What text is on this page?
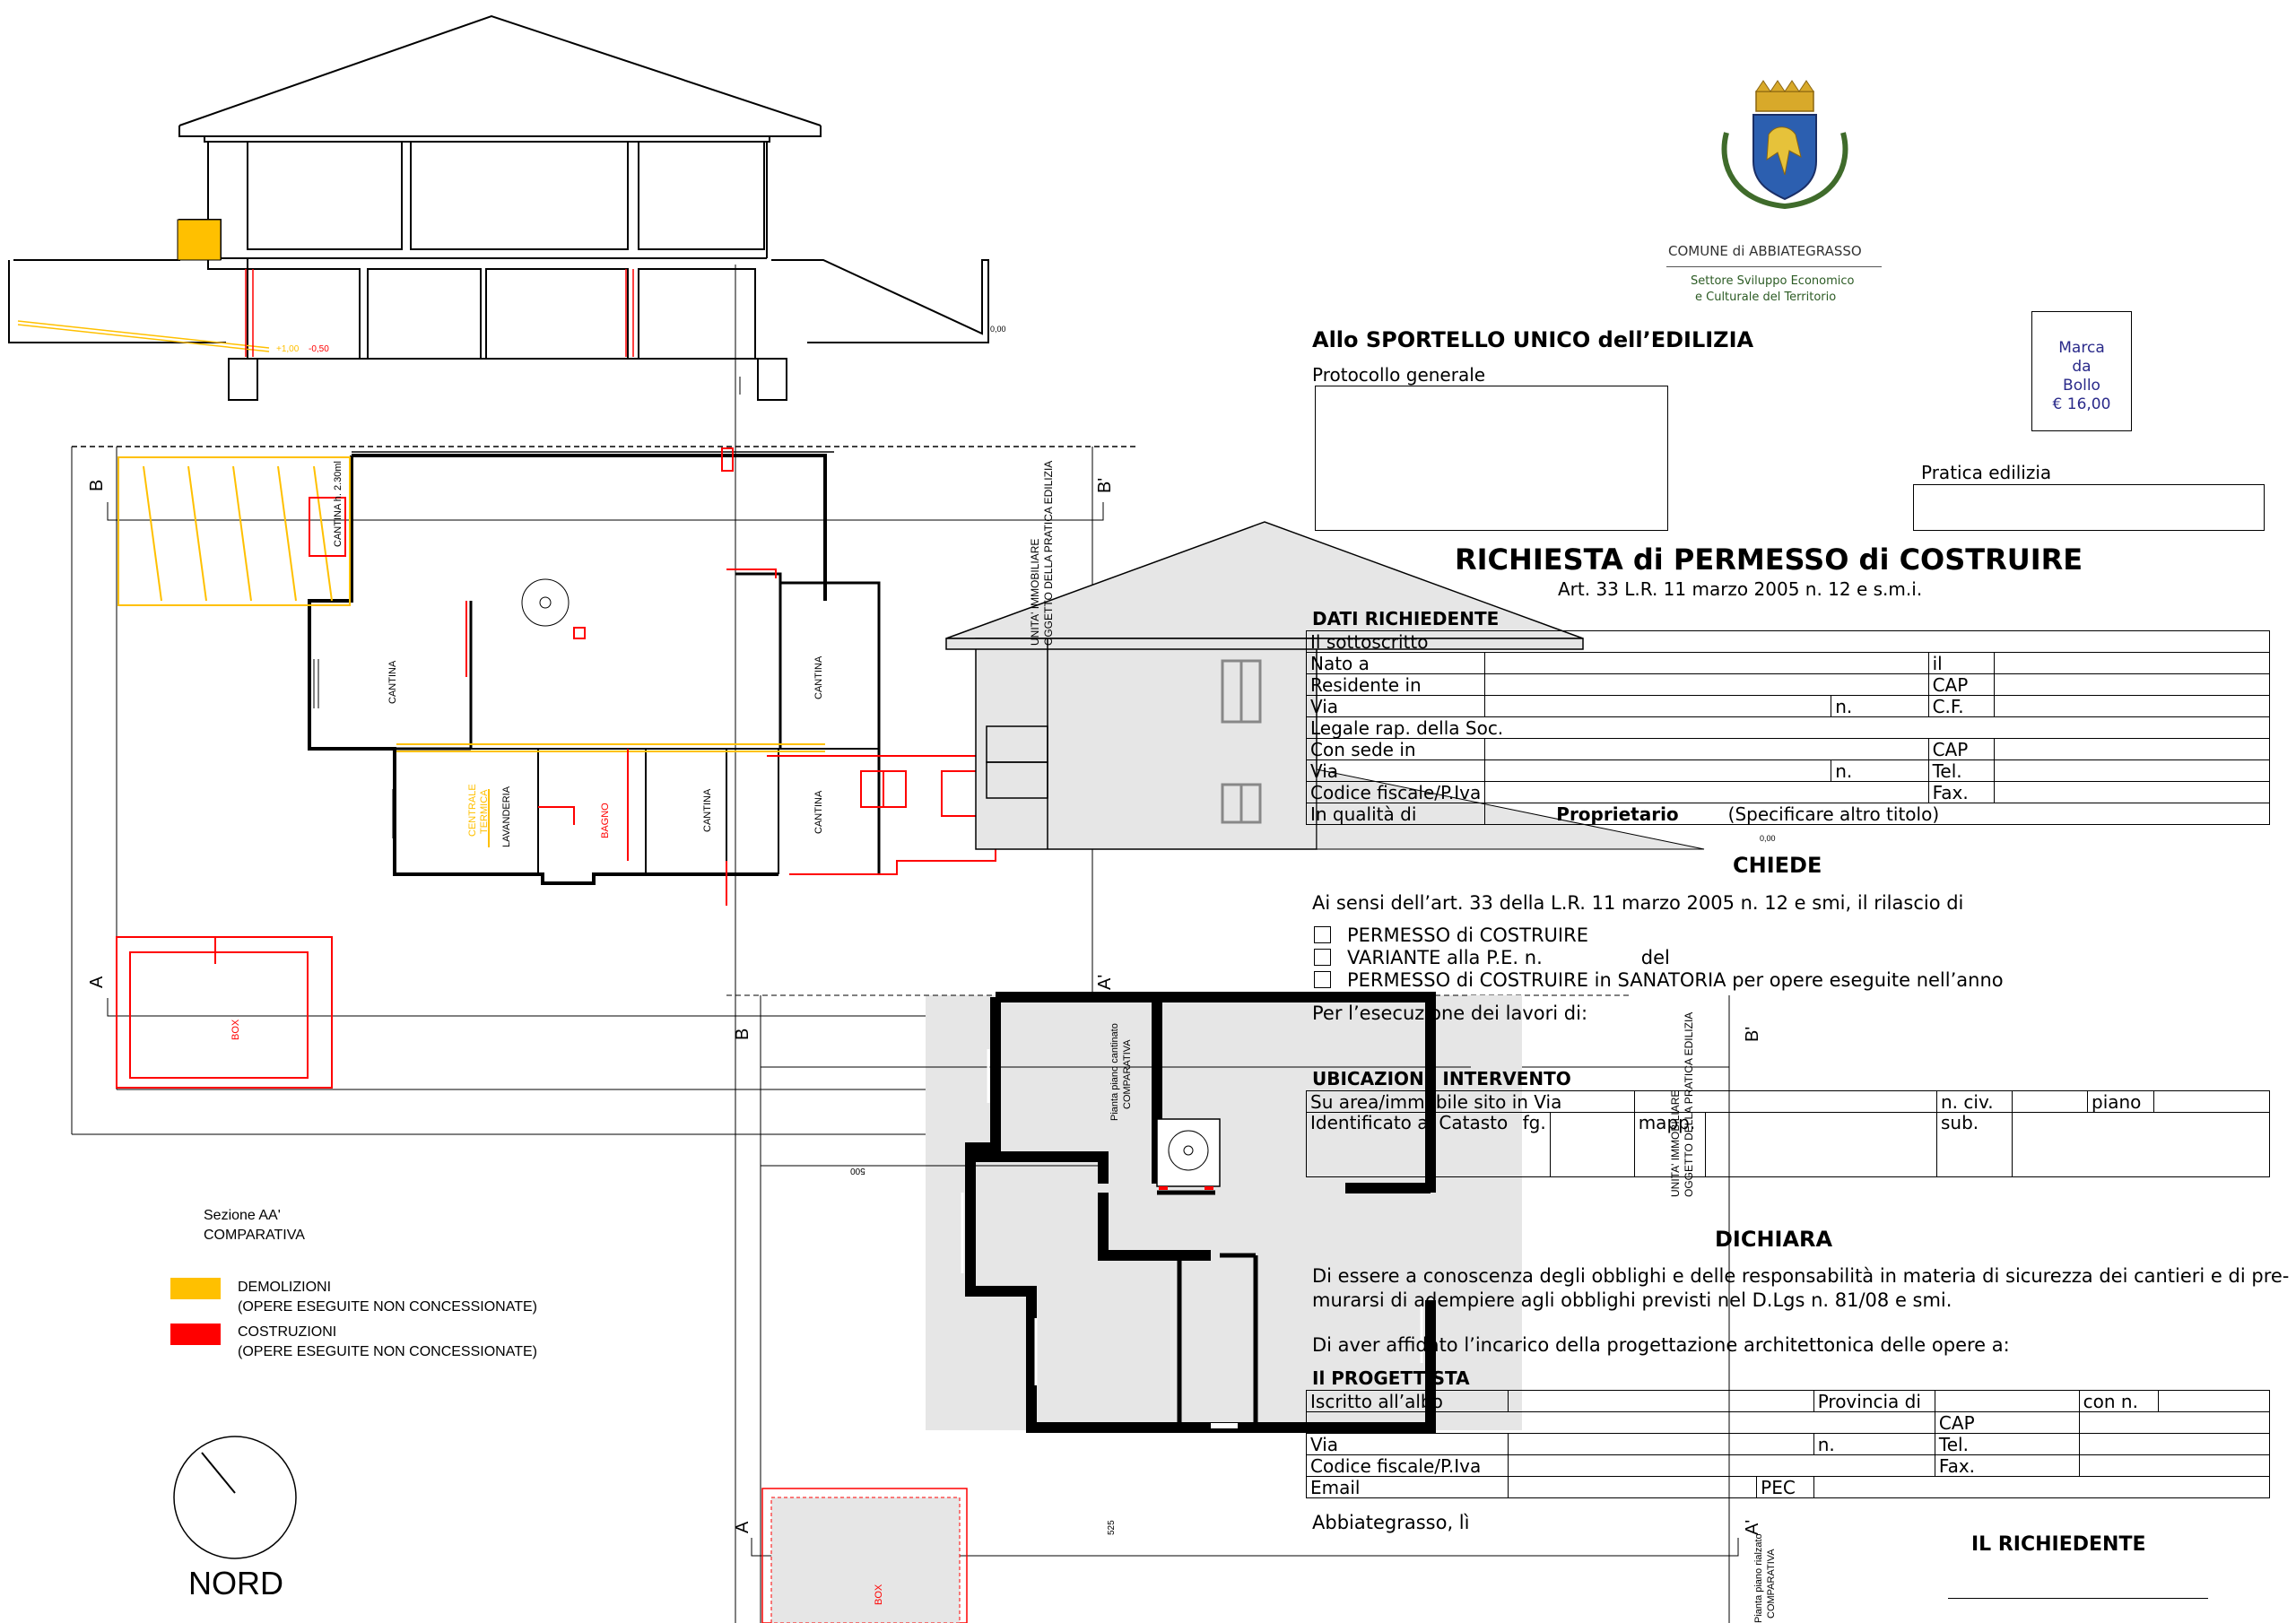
+1,00 -0,50
0,00
0,00
CANTINA h. 2.30ml
CANTINA	CANTINA
CANTINA	CANTINA
LAVANDERIA
CENTRALE TERMICA	BAGNO
BOX
BOX
UNITA' IMMOBILIARE OGGETTO DELLA PRATICA EDILIZIA
UNITA' IMMOBILIARE OGGETTO DELLA PRATICA EDILIZIA
Pianta piano cantinato COMPARATIVA
Pianta piano rialzato COMPARATIVA
B	B'
A	A'
B	B'
A	A'
500
525
Sezione AA'
COMPARATIVA
DEMOLIZIONI
(OPERE ESEGUITE NON CONCESSIONATE)
COSTRUZIONI
(OPERE ESEGUITE NON CONCESSIONATE)
NORD
COMUNE di ABBIATEGRASSO
Settore Sviluppo Economico
e Culturale del Territorio
Marca
da
Bollo
€ 16,00
Allo SPORTELLO UNICO dell’EDILIZIA
Protocollo generale
Pratica edilizia
RICHIESTA di PERMESSO di COSTRUIRE
Art. 33 L.R. 11 marzo 2005 n. 12 e s.m.i.
DATI RICHIEDENTE
Il sottoscritto				
Nato a			il	
Residente in			CAP	
Via		n.	C.F.	
Legale rap. della Soc.				
Con sede in			CAP	
Via		n.	Tel.	
Codice fiscale/P.Iva			Fax.	
In qualità di	Proprietario (Specificare altro titolo)			
CHIEDE
Ai sensi dell’art. 33 della L.R. 11 marzo 2005 n. 12 e smi, il rilascio di
PERMESSO di COSTRUIRE
VARIANTE alla P.E. n.	del
PERMESSO di COSTRUIRE in SANATORIA per opere eseguite nell’anno
Per l’esecuzione dei lavori di:
UBICAZIONE INTERVENTO
Su area/immobile sito in Via				n. civ.		piano	
Identificato al Catasto fg.		mapp.		sub.			
DICHIARA
Di essere a conoscenza degli obblighi e delle responsabilità in materia di sicurezza dei cantieri e di pre-
murarsi di adempiere agli obblighi previsti nel D.Lgs n. 81/08 e smi.
Di aver affidato l’incarico della progettazione architettonica delle opere a:
Il PROGETTISTA
Iscritto all’albo			Provincia di		con n.	
				CAP		
Via			n.	Tel.		
Codice fiscale/P.Iva				Fax.		
Email		PEC				
Abbiategrasso, lì
IL RICHIEDENTE
